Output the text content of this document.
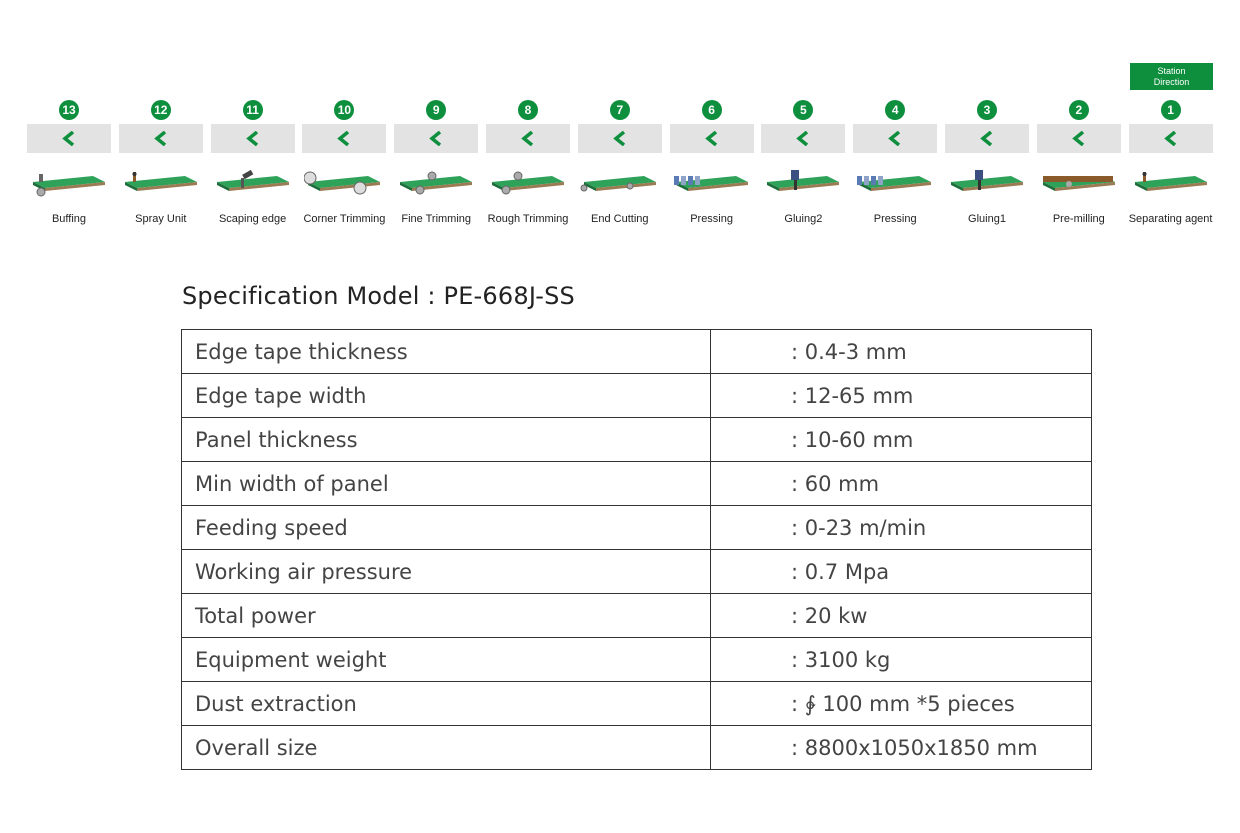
Station
Direction
13
Buffing
12
Spray Unit
11
Scaping edge
10
Corner Trimming
9
Fine Trimming
8
Rough Trimming
7
End Cutting
6
Pressing
5
Gluing2
4
Pressing
3
Gluing1
2
Pre-milling
1
Separating agent
Specification Model : PE-668J-SS
Edge tape thickness	: 0.4-3 mm
Edge tape width	: 12-65 mm
Panel thickness	: 10-60 mm
Min width of panel	: 60 mm
Feeding speed	: 0-23 m/min
Working air pressure	: 0.7 Mpa
Total power	: 20 kw
Equipment weight	: 3100 kg
Dust extraction	: ∲ 100 mm *5 pieces
Overall size	: 8800x1050x1850 mm
